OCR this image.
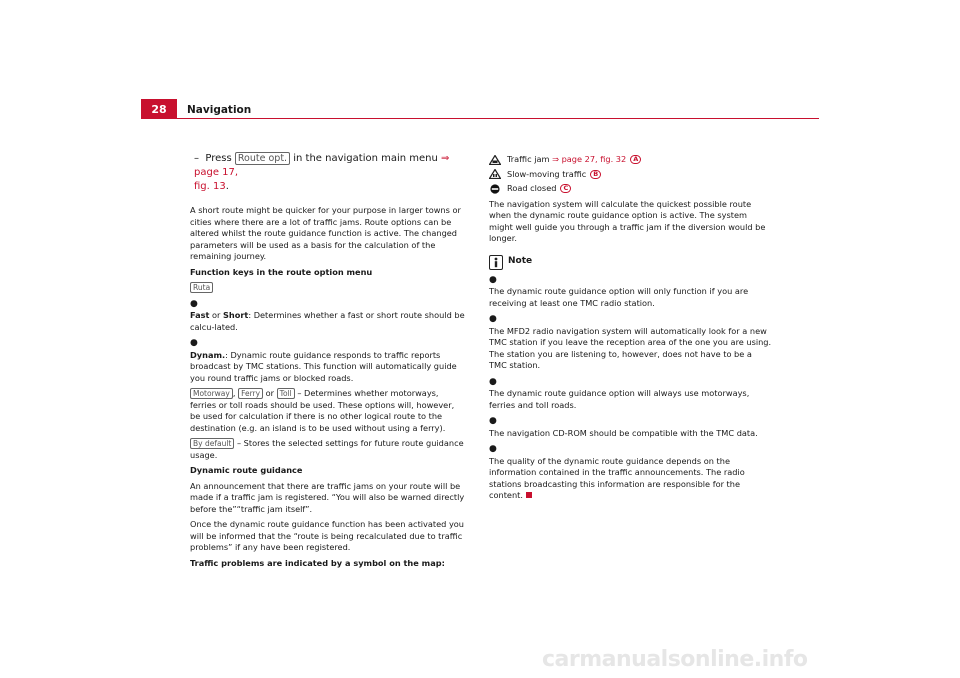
28	Navigation
– Press Route opt. in the navigation main menu ⇒ page 17,
fig. 13.

A short route might be quicker for your purpose in larger towns or cities where there are a lot of traffic jams. Route options can be altered whilst the route guidance function is active. The changed parameters will be used as a basis for the calculation of the remaining journey.

Function keys in the route option menu

Ruta

●
Fast or Short: Determines whether a fast or short route should be calcu-lated.
●
Dynam.: Dynamic route guidance responds to traffic reports broadcast by TMC stations. This function will automatically guide you round traffic jams or blocked roads.

Motorway , Ferry or Toll – Determines whether motorways, ferries or toll roads should be used. These options will, however, be used for calculation if there is no other logical route to the destination (e.g. an island is to be used without using a ferry).

By default – Stores the selected settings for future route guidance usage.

Dynamic route guidance

An announcement that there are traffic jams on your route will be made if a traffic jam is registered. “You will also be warned directly before the”“traffic jam itself”.

Once the dynamic route guidance function has been activated you will be informed that the “route is being recalculated due to traffic problems” if any have been registered.

Traffic problems are indicated by a symbol on the map:

Traffic jam
⇒
page 27, fig. 32	A
Slow-moving traffic	B
Road closed	C

The navigation system will calculate the quickest possible route when the dynamic route guidance option is active. The system might well guide you through a traffic jam if the diversion would be longer.

Note
●
The dynamic route guidance option will only function if you are receiving at least one TMC radio station.
●
The MFD2 radio navigation system will automatically look for a new TMC station if you leave the reception area of the one you are using. The station you are listening to, however, does not have to be a TMC station.
●
The dynamic route guidance option will always use motorways, ferries and toll roads.
●
The navigation CD-ROM should be compatible with the TMC data.
●
The quality of the dynamic route guidance depends on the information contained in the traffic announcements. The radio stations broadcasting this information are responsible for the content.
carmanualsonline.info
